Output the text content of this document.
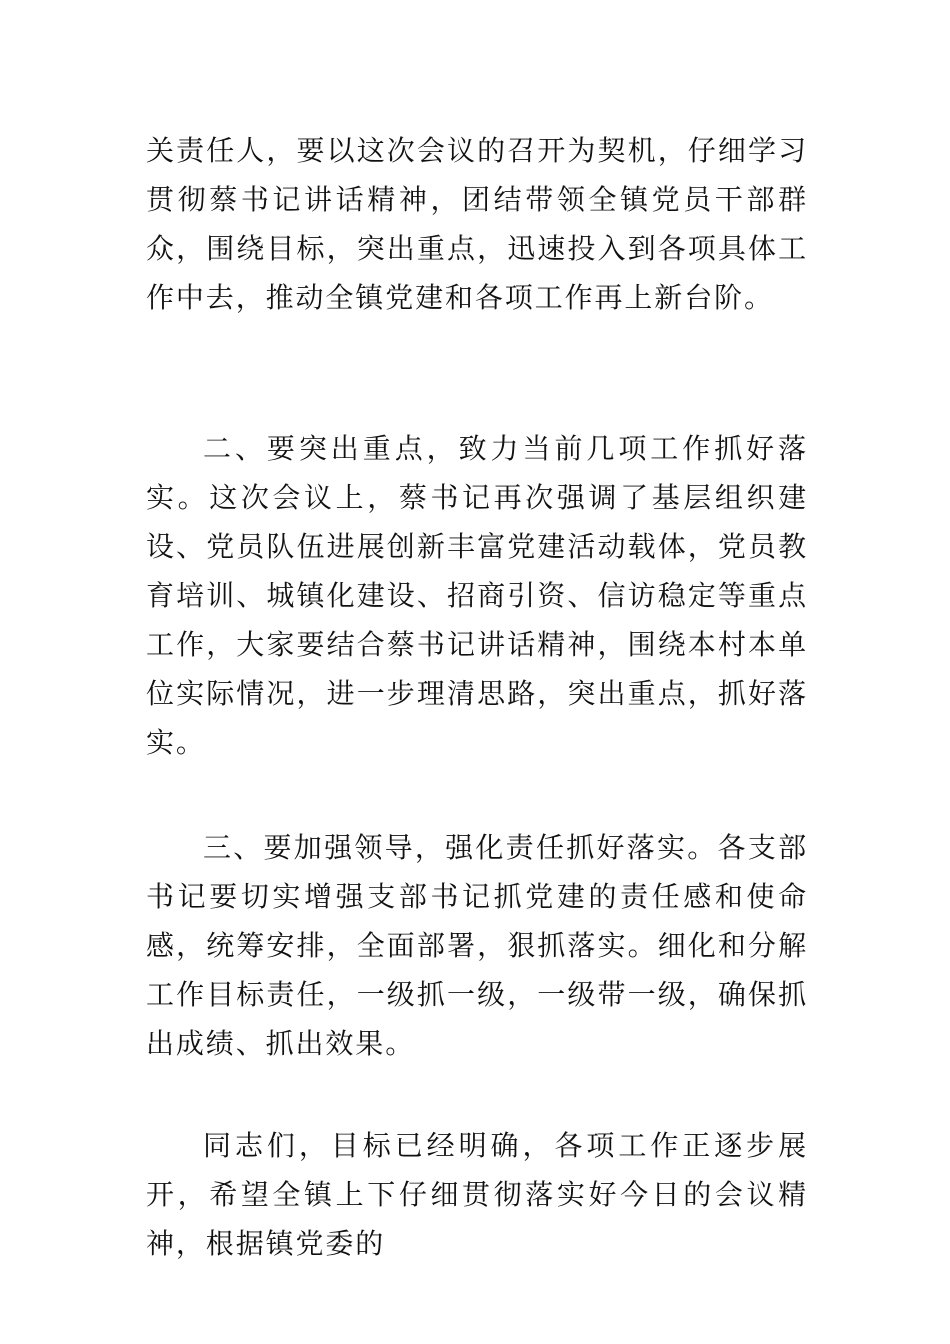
关责任人，要以这次会议的召开为契机，仔细学习贯彻蔡书记讲话精神，团结带领全镇党员干部群众，围绕目标，突出重点，迅速投入到各项具体工作中去，推动全镇党建和各项工作再上新台阶。

二、要突出重点，致力当前几项工作抓好落实。这次会议上，蔡书记再次强调了基层组织建设、党员队伍进展创新丰富党建活动载体，党员教育培训、城镇化建设、招商引资、信访稳定等重点工作，大家要结合蔡书记讲话精神，围绕本村本单位实际情况，进一步理清思路，突出重点，抓好落实。

三、要加强领导，强化责任抓好落实。各支部书记要切实增强支部书记抓党建的责任感和使命感，统筹安排，全面部署，狠抓落实。细化和分解工作目标责任，一级抓一级，一级带一级，确保抓出成绩、抓出效果。

同志们，目标已经明确，各项工作正逐步展开，希望全镇上下仔细贯彻落实好今日的会议精神，根据镇党委的
